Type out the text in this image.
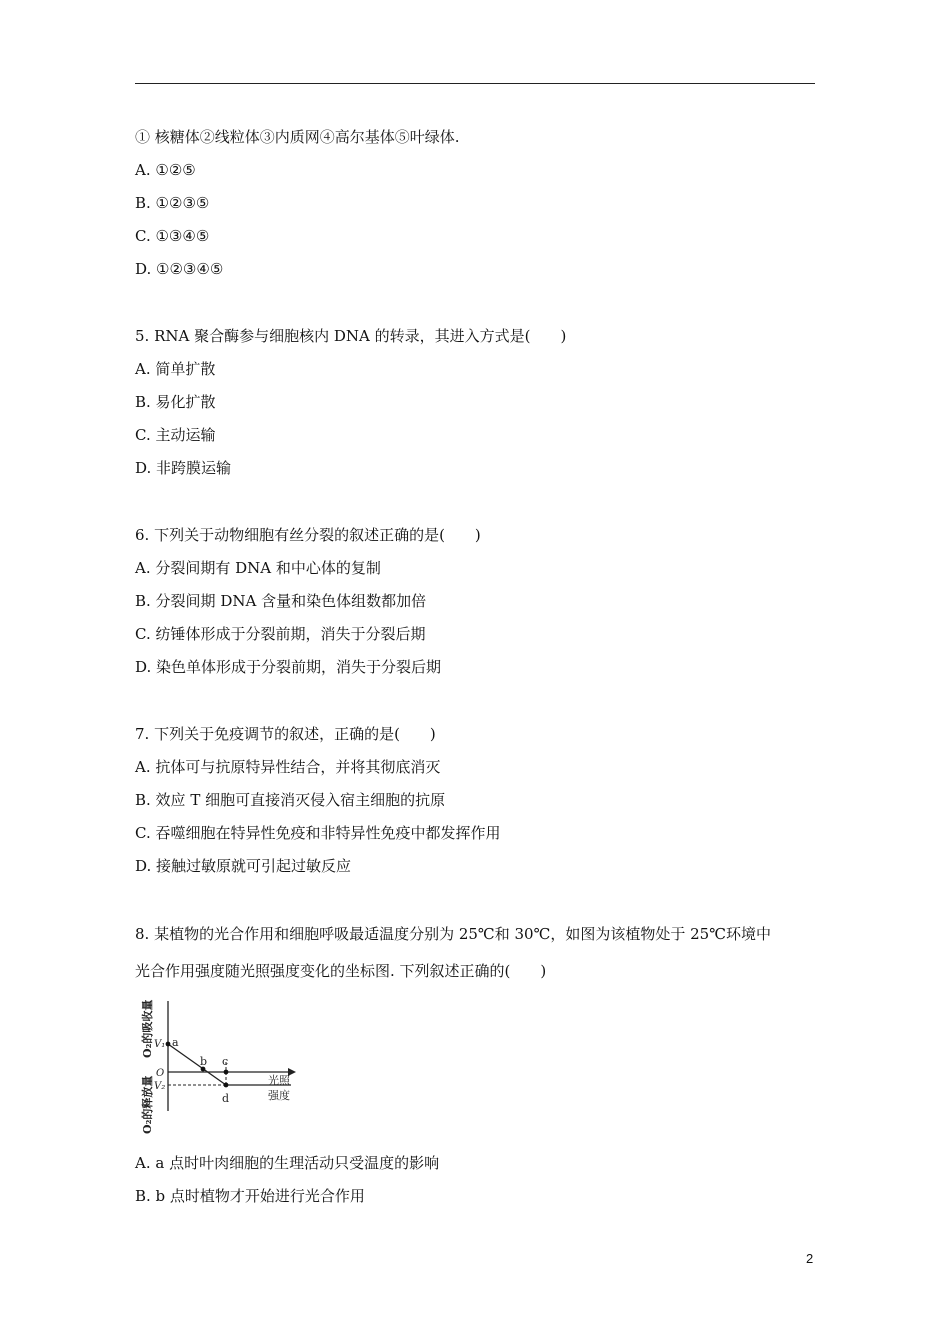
① 核糖体②线粒体③内质网④高尔基体⑤叶绿体.
A. ①②⑤
B. ①②③⑤
C. ①③④⑤
D. ①②③④⑤
5. RNA 聚合酶参与细胞核内 DNA 的转录，其进入方式是(　　)
A. 简单扩散
B. 易化扩散
C. 主动运输
D. 非跨膜运输
6. 下列关于动物细胞有丝分裂的叙述正确的是(　　)
A. 分裂间期有 DNA 和中心体的复制
B. 分裂间期 DNA 含量和染色体组数都加倍
C. 纺锤体形成于分裂前期，消失于分裂后期
D. 染色单体形成于分裂前期，消失于分裂后期
7. 下列关于免疫调节的叙述，正确的是(　　)
A. 抗体可与抗原特异性结合，并将其彻底消灭
B. 效应 T 细胞可直接消灭侵入宿主细胞的抗原
C. 吞噬细胞在特异性免疫和非特异性免疫中都发挥作用
D. 接触过敏原就可引起过敏反应
8. 某植物的光合作用和细胞呼吸最适温度分别为 25℃和 30℃，如图为该植物处于 25℃环境中
光合作用强度随光照强度变化的坐标图. 下列叙述正确的(　　)
O₂的吸收量
O₂的释放量
V₁
O
V₂
a
b c
d
光照
强度
A. a 点时叶肉细胞的生理活动只受温度的影响
B. b 点时植物才开始进行光合作用
2
